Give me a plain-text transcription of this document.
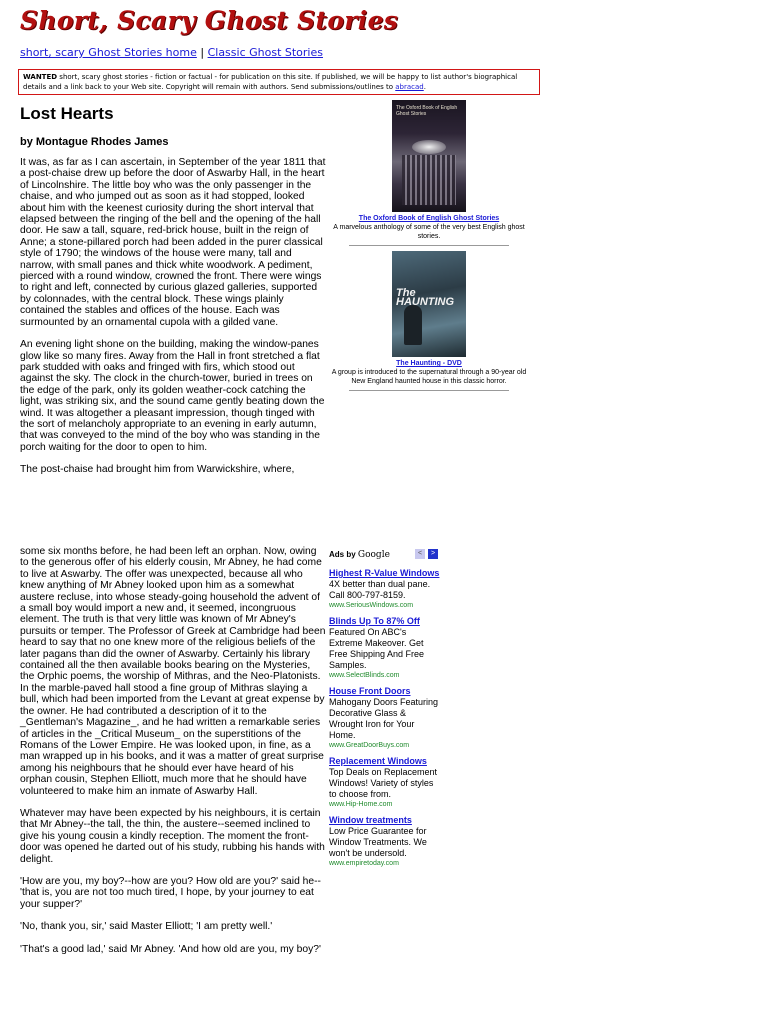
Short, Scary Ghost Stories
short, scary Ghost Stories home | Classic Ghost Stories
WANTED short, scary ghost stories - fiction or factual - for publication on this site. If published, we will be happy to list author's biographical details and a link back to your Web site. Copyright will remain with authors. Send submissions/outlines to abracad.
Lost Hearts
by Montague Rhodes James

It was, as far as I can ascertain, in September of the year 1811 that a post-chaise drew up before the door of Aswarby Hall, in the heart of Lincolnshire. The little boy who was the only passenger in the chaise, and who jumped out as soon as it had stopped, looked about him with the keenest curiosity during the short interval that elapsed between the ringing of the bell and the opening of the hall door. He saw a tall, square, red-brick house, built in the reign of Anne; a stone-pillared porch had been added in the purer classical style of 1790; the windows of the house were many, tall and narrow, with small panes and thick white woodwork. A pediment, pierced with a round window, crowned the front. There were wings to right and left, connected by curious glazed galleries, supported by colonnades, with the central block. These wings plainly contained the stables and offices of the house. Each was surmounted by an ornamental cupola with a gilded vane.

An evening light shone on the building, making the window-panes glow like so many fires. Away from the Hall in front stretched a flat park studded with oaks and fringed with firs, which stood out against the sky. The clock in the church-tower, buried in trees on the edge of the park, only its golden weather-cock catching the light, was striking six, and the sound came gently beating down the wind. It was altogether a pleasant impression, though tinged with the sort of melancholy appropriate to an evening in early autumn, that was conveyed to the mind of the boy who was standing in the porch waiting for the door to open to him.

The post-chaise had brought him from Warwickshire, where,

The Oxford Book of English Ghost Stories
The Oxford Book of English Ghost Stories
A marvelous anthology of some of the very best English ghost stories.
The HAUNTING
The Haunting - DVD
A group is introduced to the supernatural through a 90-year old New England haunted house in this classic horror.

some six months before, he had been left an orphan. Now, owing to the generous offer of his elderly cousin, Mr Abney, he had come to live at Aswarby. The offer was unexpected, because all who knew anything of Mr Abney looked upon him as a somewhat austere recluse, into whose steady-going household the advent of a small boy would import a new and, it seemed, incongruous element. The truth is that very little was known of Mr Abney's pursuits or temper. The Professor of Greek at Cambridge had been heard to say that no one knew more of the religious beliefs of the later pagans than did the owner of Aswarby. Certainly his library contained all the then available books bearing on the Mysteries, the Orphic poems, the worship of Mithras, and the Neo-Platonists. In the marble-paved hall stood a fine group of Mithras slaying a bull, which had been imported from the Levant at great expense by the owner. He had contributed a description of it to the _Gentleman's Magazine_, and he had written a remarkable series of articles in the _Critical Museum_ on the superstitions of the Romans of the Lower Empire. He was looked upon, in fine, as a man wrapped up in his books, and it was a matter of great surprise among his neighbours that he should ever have heard of his orphan cousin, Stephen Elliott, much more that he should have volunteered to make him an inmate of Aswarby Hall.

Whatever may have been expected by his neighbours, it is certain that Mr Abney--the tall, the thin, the austere--seemed inclined to give his young cousin a kindly reception. The moment the front-door was opened he darted out of his study, rubbing his hands with delight.

'How are you, my boy?--how are you? How old are you?' said he--'that is, you are not too much tired, I hope, by your journey to eat your supper?'

'No, thank you, sir,' said Master Elliott; 'I am pretty well.'

'That's a good lad,' said Mr Abney. 'And how old are you, my boy?'

Ads by Google	<	>
Highest R-Value Windows
4X better than dual pane. Call 800-797-8159.
www.SeriousWindows.com
Blinds Up To 87% Off
Featured On ABC's Extreme Makeover. Get Free Shipping And Free Samples.
www.SelectBlinds.com
House Front Doors
Mahogany Doors Featuring Decorative Glass & Wrought Iron for Your Home.
www.GreatDoorBuys.com
Replacement Windows
Top Deals on Replacement Windows! Variety of styles to choose from.
www.Hip-Home.com
Window treatments
Low Price Guarantee for Window Treatments. We won't be undersold.
www.empiretoday.com
